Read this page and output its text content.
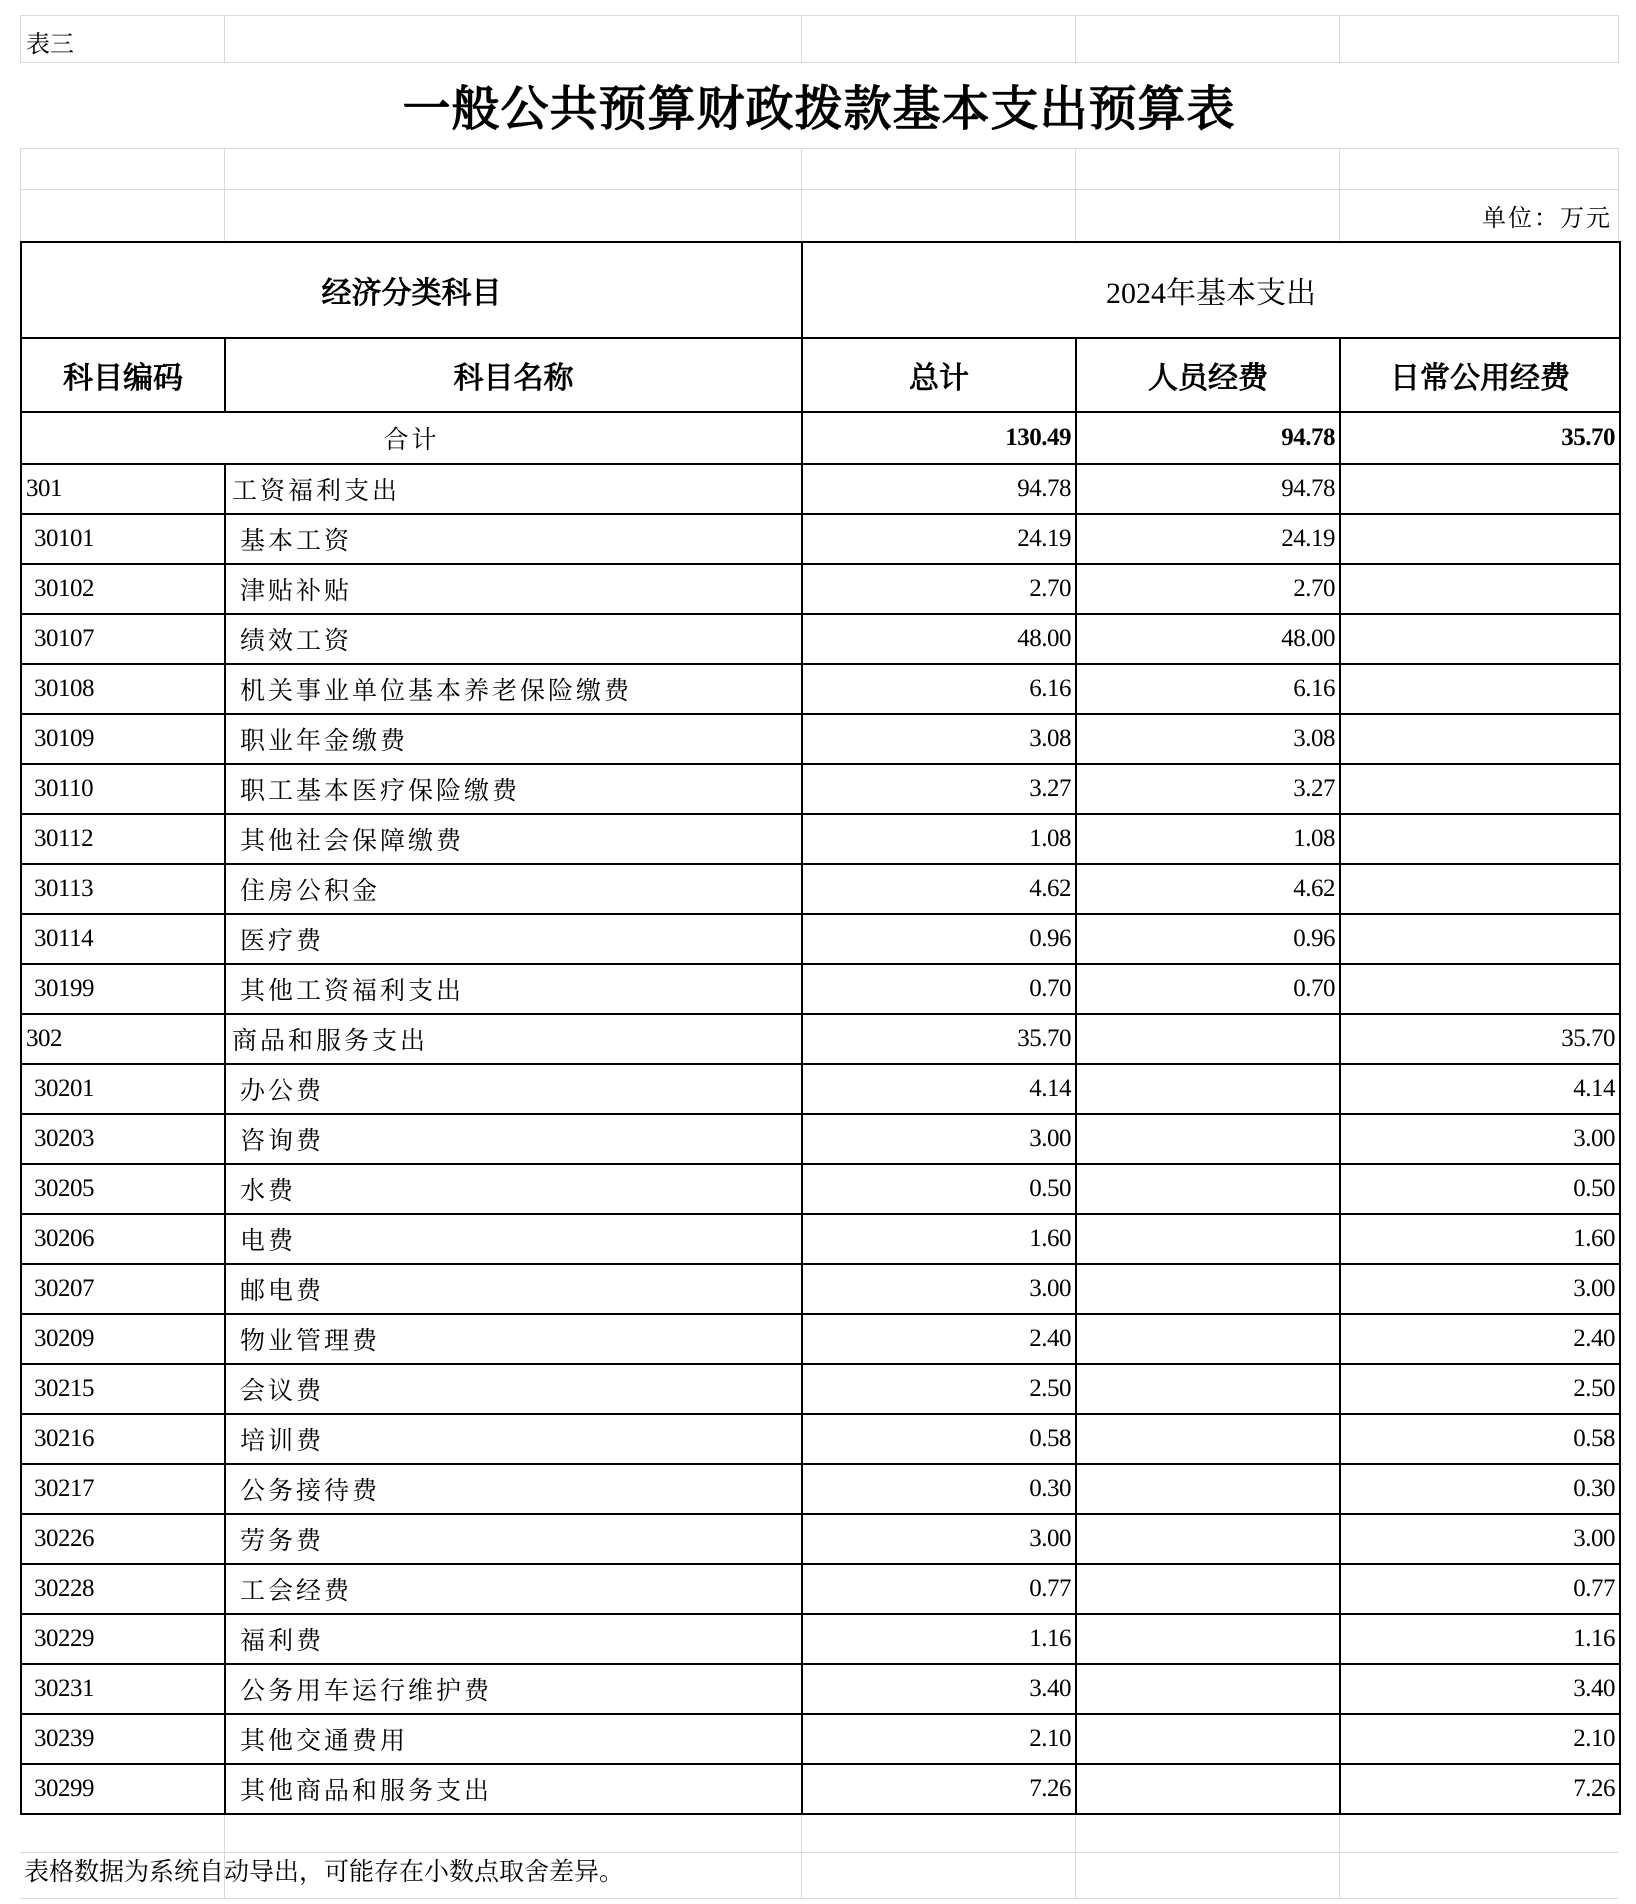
表三
一般公共预算财政拨款基本支出预算表
单位：万元
经济分类科目		2024年基本支出		
科目编码	科目名称	总计	人员经费	日常公用经费
合计		130.49	94.78	35.70
301	工资福利支出	94.78	94.78	
30101	基本工资	24.19	24.19	
30102	津贴补贴	2.70	2.70	
30107	绩效工资	48.00	48.00	
30108	机关事业单位基本养老保险缴费	6.16	6.16	
30109	职业年金缴费	3.08	3.08	
30110	职工基本医疗保险缴费	3.27	3.27	
30112	其他社会保障缴费	1.08	1.08	
30113	住房公积金	4.62	4.62	
30114	医疗费	0.96	0.96	
30199	其他工资福利支出	0.70	0.70	
302	商品和服务支出	35.70		35.70
30201	办公费	4.14		4.14
30203	咨询费	3.00		3.00
30205	水费	0.50		0.50
30206	电费	1.60		1.60
30207	邮电费	3.00		3.00
30209	物业管理费	2.40		2.40
30215	会议费	2.50		2.50
30216	培训费	0.58		0.58
30217	公务接待费	0.30		0.30
30226	劳务费	3.00		3.00
30228	工会经费	0.77		0.77
30229	福利费	1.16		1.16
30231	公务用车运行维护费	3.40		3.40
30239	其他交通费用	2.10		2.10
30299	其他商品和服务支出	7.26		7.26
表格数据为系统自动导出，可能存在小数点取舍差异。
